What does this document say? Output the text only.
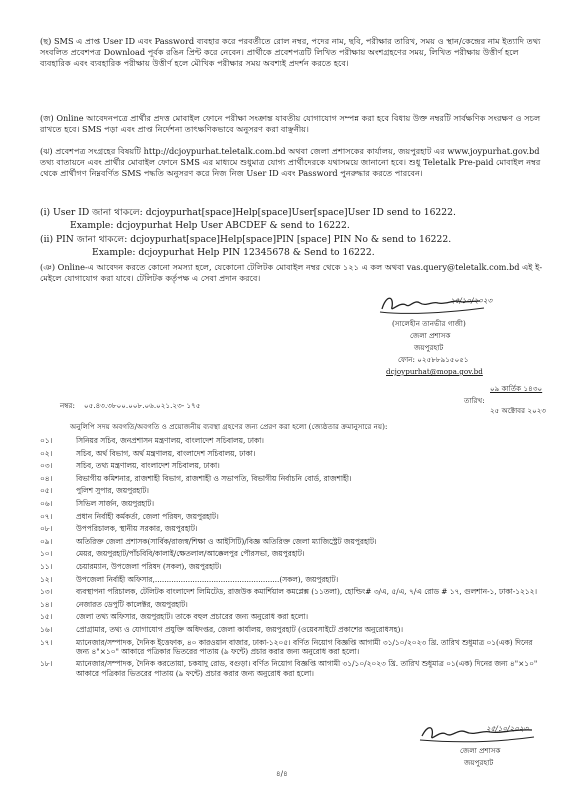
(ছ) SMS এ প্রাপ্ত User ID এবং Password ব্যবহার করে পরবর্তীতে রোল নম্বর, পদের নাম, ছবি, পরীক্ষার তারিখ, সময় ও স্থান/কেন্দ্রের নাম ইত্যাদি তথ্য সংবলিত প্রবেশপত্র Download পূর্বক রঙিন প্রিন্ট করে নেবেন। প্রার্থীকে প্রবেশপত্রটি লিখিত পরীক্ষায় অংশগ্রহণের সময়, লিখিত পরীক্ষায় উত্তীর্ণ হলে ব্যবহারিক এবং ব্যবহারিক পরীক্ষায় উত্তীর্ণ হলে মৌখিক পরীক্ষার সময় অবশ্যই প্রদর্শন করতে হবে।
(জ) Online আবেদনপত্রে প্রার্থীর প্রদত্ত মোবাইল ফোনে পরীক্ষা সংক্রান্ত যাবতীয় যোগাযোগ সম্পন্ন করা হবে বিধায় উক্ত নম্বরটি সার্বক্ষণিক সংরক্ষণ ও সচল রাখতে হবে। SMS পড়া এবং প্রাপ্ত নির্দেশনা তাৎক্ষণিকভাবে অনুসরণ করা বাঞ্ছনীয়।
(ঝ) প্রবেশপত্র সংগ্রহের বিষয়টি http://dcjoypurhat.teletalk.com.bd অথবা জেলা প্রশাসকের কার্যালয়, জয়পুরহাট এর www.joypurhat.gov.bd তথ্য বাতায়নে এবং প্রার্থীর মোবাইল ফোনে SMS এর মাধ্যমে শুধুমাত্র যোগ্য প্রার্থীদেরকে যথাসময়ে জানানো হবে। শুধু Teletalk Pre-paid মোবাইল নম্বর থেকে প্রার্থীগণ নিম্নবর্ণিত SMS পদ্ধতি অনুসরণ করে নিজ নিজ User ID এবং Password পুনরুদ্ধার করতে পারবেন।
(i) User ID জানা থাকলে: dcjoypurhat[space]Help[space]User[space]User ID send to 16222.
Example: dcjoypurhat Help User ABCDEF & send to 16222.
(ii) PIN জানা থাকলে: dcjoypurhat[space]Help[space]PIN [space] PIN No & send to 16222.
Example: dcjoypurhat Help PIN 12345678 & Send to 16222.
(ঞ) Online-এ আবেদন করতে কোনো সমস্যা হলে, যেকোনো টেলিটক মোবাইল নম্বর থেকে ১২১ এ কল অথবা vas.query@teletalk.com.bd এই ই-মেইলে যোগাযোগ করা যাবে। টেলিটক কর্তৃপক্ষ এ সেবা প্রদান করবে।
২৫/১০/২০২৩
(সালেহীন তানভীর গাজী)
জেলা প্রশাসক
জয়পুরহাট
ফোন: ০২৫৮৮৯১৫০৫১
dcjoypurhat@mopa.gov.bd
নম্বর: ০৫.৪৩.৩৮০০.০০৮.০৬.০২১.২৩- ১৭৫
তারিখ:
০৯ কার্তিক ১৪৩০
২৫ অক্টোবর ২০২৩
অনুলিপি সদয় অবগতি/অবগতি ও প্রয়োজনীয় ব্যবস্থা গ্রহণের জন্য প্রেরণ করা হলো (জ্যেষ্ঠতার ক্রমানুসারে নয়):
০১।	সিনিয়র সচিব, জনপ্রশাসন মন্ত্রণালয়, বাংলাদেশ সচিবালয়, ঢাকা।
০২।	সচিব, অর্থ বিভাগ, অর্থ মন্ত্রণালয়, বাংলাদেশ সচিবালয়, ঢাকা।
০৩।	সচিব, তথ্য মন্ত্রণালয়, বাংলাদেশ সচিবালয়, ঢাকা।
০৪।	বিভাগীয় কমিশনার, রাজশাহী বিভাগ, রাজশাহী ও সভাপতি, বিভাগীয় নির্বাচনি বোর্ড, রাজশাহী।
০৫।	পুলিশ সুপার, জয়পুরহাট।
০৬।	সিভিল সার্জন, জয়পুরহাট।
০৭।	প্রধান নির্বাহী কর্মকর্তা, জেলা পরিষদ, জয়পুরহাট।
০৮।	উপপরিচালক, স্থানীয় সরকার, জয়পুরহাট।
০৯।	অতিরিক্ত জেলা প্রশাসক(সার্বিক/রাজস্ব/শিক্ষা ও আইসিটি)/বিজ্ঞ অতিরিক্ত জেলা ম্যাজিস্ট্রেট জয়পুরহাট।
১০।	মেয়র, জয়পুরহাট/পাঁচবিবি/কালাই/ক্ষেতলাল/আক্কেলপুর পৌরসভা, জয়পুরহাট।
১১।	চেয়ারম্যান, উপজেলা পরিষদ (সকল), জয়পুরহাট।
১২।	উপজেলা নির্বাহী অফিসার,.....................................................(সকল), জয়পুরহাট।
১৩।	ব্যবস্থাপনা পরিচালক, টেলিটক বাংলাদেশ লিমিটেড, রাজউক কমার্শিয়াল কমপ্লেক্স (১১তলা), হোল্ডিং# ৩/এ, ৫/এ, ৭/এ রোড # ১৭, গুলশান-১, ঢাকা-১২১২।
১৪।	নেজারত ডেপুটি কালেক্টর, জয়পুরহাট।
১৫।	জেলা তথ্য অফিসার, জয়পুরহাট। তাকে বহুল প্রচারের জন্য অনুরোধ করা হলো।
১৬।	প্রোগ্রামার, তথ্য ও যোগাযোগ প্রযুক্তি অধিদপ্তর, জেলা কার্যালয়, জয়পুরহাট (ওয়েবসাইটে প্রকাশের অনুরোধসহ)।
১৭।	ম্যানেজার/সম্পাদক, দৈনিক ইত্তেফাক, ৪০ কারওয়ান বাজার, ঢাকা-১২০৫। বর্ণিত নিয়োগ বিজ্ঞপ্তি আগামী ৩১/১০/২০২৩ খ্রি. তারিখ শুধুমাত্র ০১(এক) দিনের জন্য ৪"×১০" আকারে পত্রিকার ভিতরের পাতায় (৯ ফন্টে) প্রচার করার জন্য অনুরোধ করা হলো।
১৮।	ম্যানেজার/সম্পাদক, দৈনিক করতোয়া, চকযাদু রোড, বগুড়া। বর্ণিত নিয়োগ বিজ্ঞপ্তি আগামী ৩১/১০/২০২৩ খ্রি. তারিখ শুধুমাত্র ০১(এক) দিনের জন্য ৪"×১০" আকারে পত্রিকার ভিতরের পাতায় (৯ ফন্টে) প্রচার করার জন্য অনুরোধ করা হলো।
২৫/১০/২০২৩
জেলা প্রশাসক
জয়পুরহাট
৪/৪
